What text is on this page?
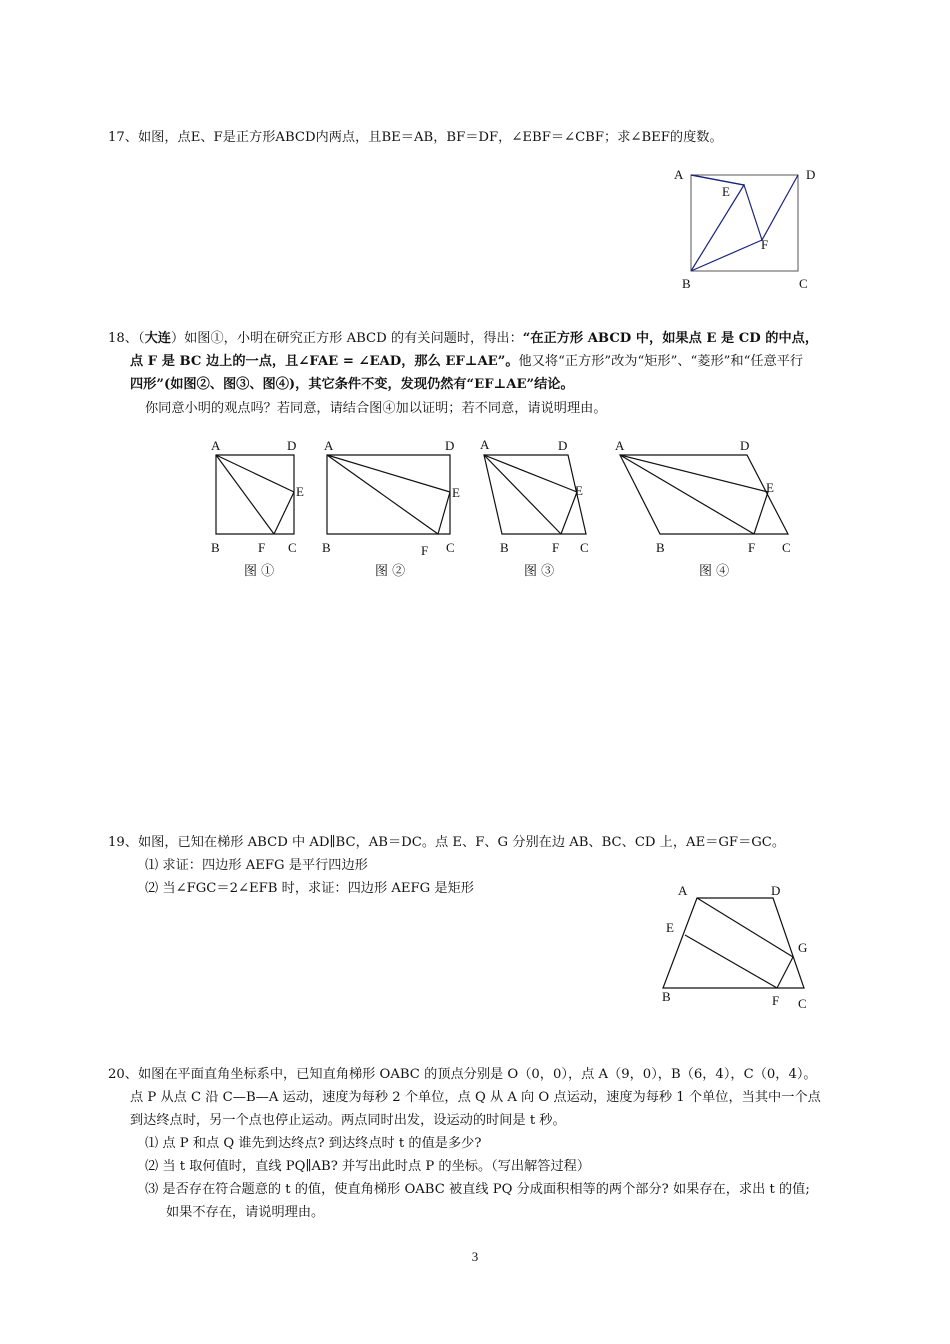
17、如图，点E、F是正方形ABCD内两点，且BE＝AB，BF＝DF，∠EBF＝∠CBF；求∠BEF的度数。
A	D
E
F
B	C
18、（大连）如图①，小明在研究正方形 ABCD 的有关问题时，得出：“在正方形 ABCD 中，如果点 E 是 CD 的中点，
点 F 是 BC 边上的一点，且∠FAE = ∠EAD，那么 EF⊥AE”。他又将“正方形”改为“矩形”、“菱形”和“任意平行
四形”(如图②、图③、图④)，其它条件不变，发现仍然有“EF⊥AE”结论。
你同意小明的观点吗？若同意，请结合图④加以证明；若不同意，请说明理由。
A	D
E
B	F C
图 ①
A	D
E
B	F C
图 ②
A	D
E
B	F C
图 ③
A	D
E
B	F C
图 ④
19、如图，已知在梯形 ABCD 中 AD∥BC，AB＝DC。点 E、F、G 分别在边 AB、BC、CD 上，AE＝GF＝GC。
⑴ 求证：四边形 AEFG 是平行四边形
⑵ 当∠FGC＝2∠EFB 时，求证：四边形 AEFG 是矩形	A	D
E
G
B	F C
20、如图在平面直角坐标系中，已知直角梯形 OABC 的顶点分别是 O（0，0），点 A（9，0），B（6，4），C（0，4）。
点 P 从点 C 沿 C—B—A 运动，速度为每秒 2 个单位，点 Q 从 A 向 O 点运动，速度为每秒 1 个单位，当其中一个点
到达终点时，另一个点也停止运动。两点同时出发，设运动的时间是 t 秒。
⑴ 点 P 和点 Q 谁先到达终点? 到达终点时 t 的值是多少?
⑵ 当 t 取何值时，直线 PQ∥AB? 并写出此时点 P 的坐标。（写出解答过程）
⑶ 是否存在符合题意的 t 的值，使直角梯形 OABC 被直线 PQ 分成面积相等的两个部分? 如果存在，求出 t 的值;
如果不存在，请说明理由。
3
